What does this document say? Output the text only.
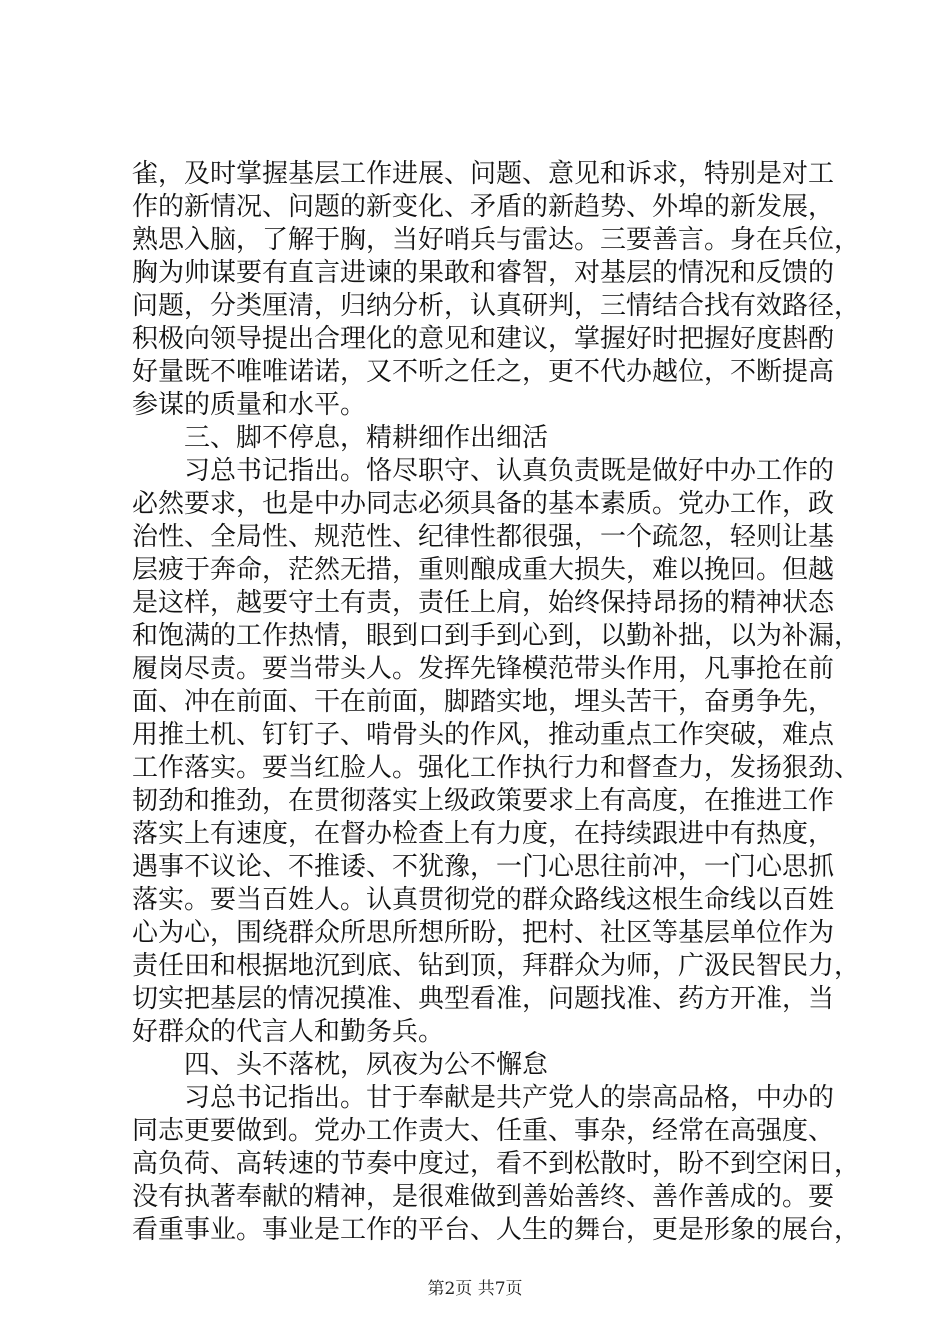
雀，及时掌握基层工作进展、问题、意见和诉求，特别是对工
作的新情况、问题的新变化、矛盾的新趋势、外埠的新发展，
熟思入脑，了解于胸，当好哨兵与雷达。三要善言。身在兵位，
胸为帅谋要有直言进谏的果敢和睿智，对基层的情况和反馈的
问题，分类厘清，归纳分析，认真研判，三情结合找有效路径，
积极向领导提出合理化的意见和建议，掌握好时把握好度斟酌
好量既不唯唯诺诺，又不听之任之，更不代办越位，不断提高
参谋的质量和水平。
三、脚不停息，精耕细作出细活
习总书记指出。恪尽职守、认真负责既是做好中办工作的
必然要求，也是中办同志必须具备的基本素质。党办工作，政
治性、全局性、规范性、纪律性都很强，一个疏忽，轻则让基
层疲于奔命，茫然无措，重则酿成重大损失，难以挽回。但越
是这样，越要守土有责，责任上肩，始终保持昂扬的精神状态
和饱满的工作热情，眼到口到手到心到，以勤补拙，以为补漏，
履岗尽责。要当带头人。发挥先锋模范带头作用，凡事抢在前
面、冲在前面、干在前面，脚踏实地，埋头苦干，奋勇争先，
用推土机、钉钉子、啃骨头的作风，推动重点工作突破，难点
工作落实。要当红脸人。强化工作执行力和督查力，发扬狠劲、
韧劲和推劲，在贯彻落实上级政策要求上有高度，在推进工作
落实上有速度，在督办检查上有力度，在持续跟进中有热度，
遇事不议论、不推诿、不犹豫，一门心思往前冲，一门心思抓
落实。要当百姓人。认真贯彻党的群众路线这根生命线以百姓
心为心，围绕群众所思所想所盼，把村、社区等基层单位作为
责任田和根据地沉到底、钻到顶，拜群众为师，广汲民智民力，
切实把基层的情况摸准、典型看准，问题找准、药方开准，当
好群众的代言人和勤务兵。
四、头不落枕，夙夜为公不懈怠
习总书记指出。甘于奉献是共产党人的崇高品格，中办的
同志更要做到。党办工作责大、任重、事杂，经常在高强度、
高负荷、高转速的节奏中度过，看不到松散时，盼不到空闲日，
没有执著奉献的精神，是很难做到善始善终、善作善成的。要
看重事业。事业是工作的平台、人生的舞台，更是形象的展台，
第2页 共7页
